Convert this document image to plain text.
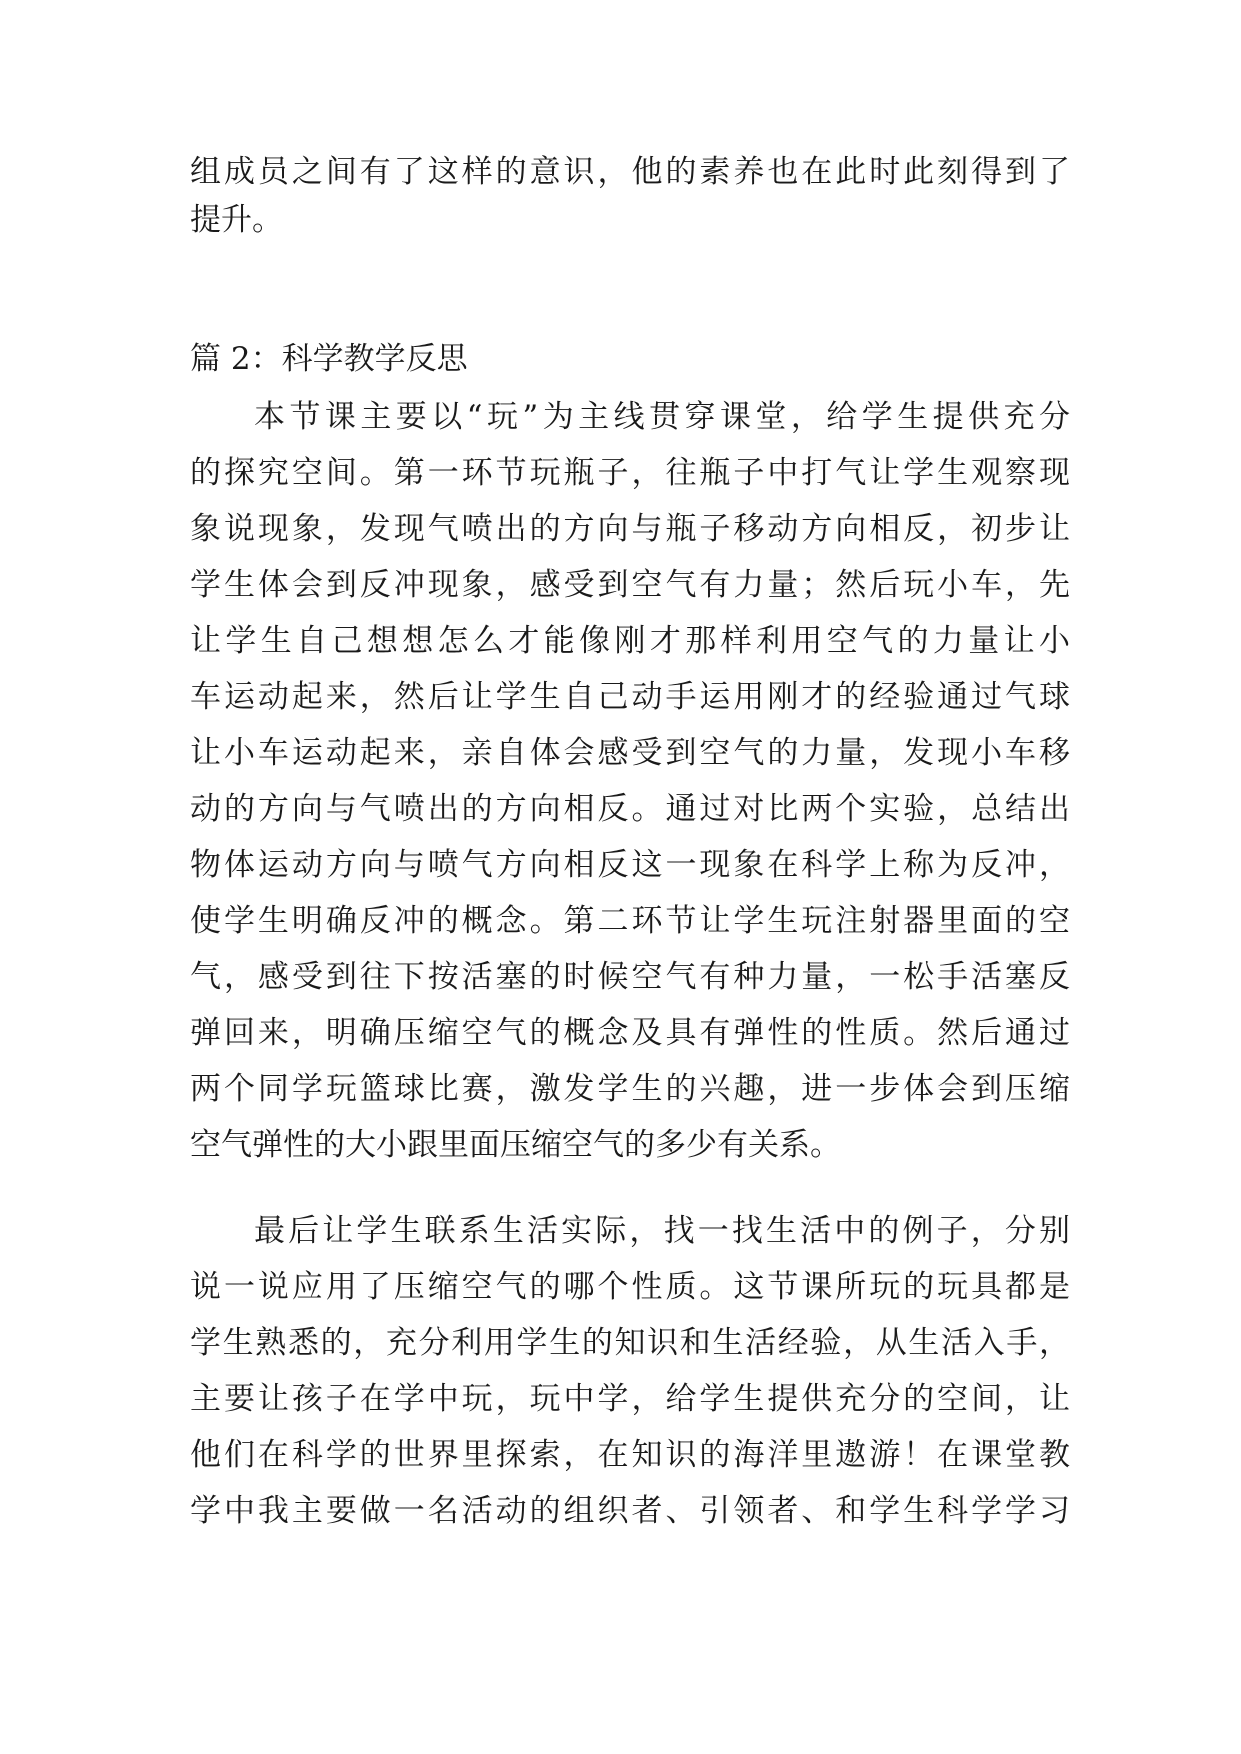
组成员之间有了这样的意识，他的素养也在此时此刻得到了
提升。
篇 2：科学教学反思
本节课主要以“玩”为主线贯穿课堂，给学生提供充分
的探究空间。第一环节玩瓶子，往瓶子中打气让学生观察现
象说现象，发现气喷出的方向与瓶子移动方向相反，初步让
学生体会到反冲现象，感受到空气有力量；然后玩小车，先
让学生自己想想怎么才能像刚才那样利用空气的力量让小
车运动起来，然后让学生自己动手运用刚才的经验通过气球
让小车运动起来，亲自体会感受到空气的力量，发现小车移
动的方向与气喷出的方向相反。通过对比两个实验，总结出
物体运动方向与喷气方向相反这一现象在科学上称为反冲，
使学生明确反冲的概念。第二环节让学生玩注射器里面的空
气，感受到往下按活塞的时候空气有种力量，一松手活塞反
弹回来，明确压缩空气的概念及具有弹性的性质。然后通过
两个同学玩篮球比赛，激发学生的兴趣，进一步体会到压缩
空气弹性的大小跟里面压缩空气的多少有关系。
最后让学生联系生活实际，找一找生活中的例子，分别
说一说应用了压缩空气的哪个性质。这节课所玩的玩具都是
学生熟悉的，充分利用学生的知识和生活经验，从生活入手，
主要让孩子在学中玩，玩中学，给学生提供充分的空间，让
他们在科学的世界里探索，在知识的海洋里遨游！在课堂教
学中我主要做一名活动的组织者、引领者、和学生科学学习
